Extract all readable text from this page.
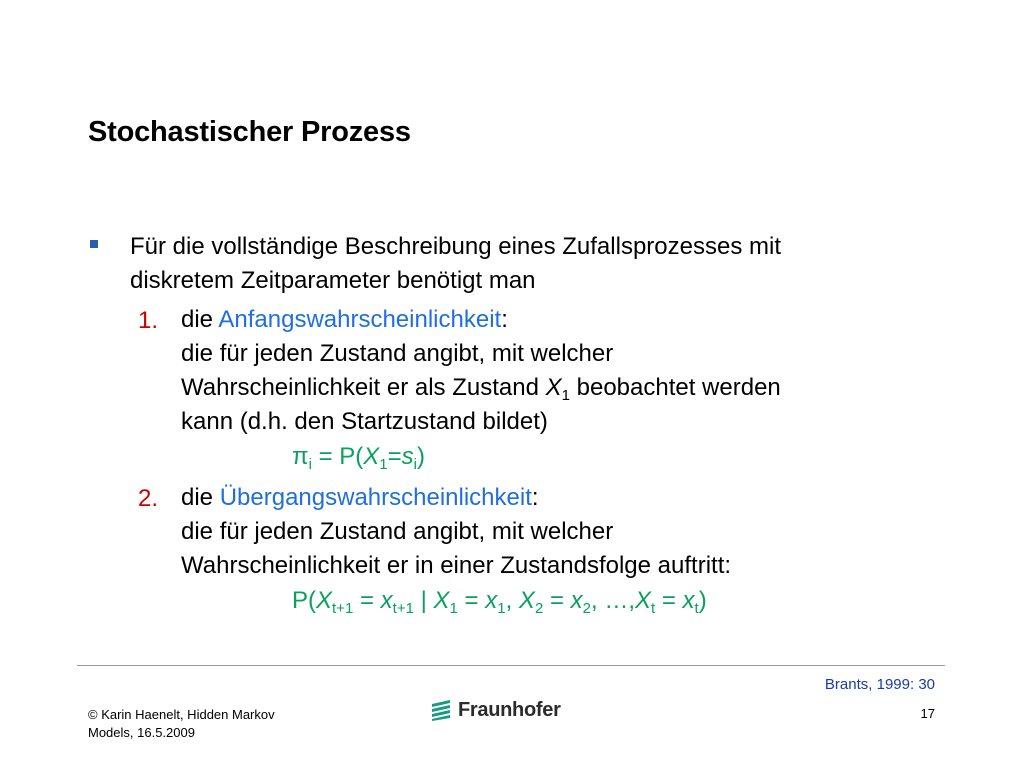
Stochastischer Prozess
Für die vollständige Beschreibung eines Zufallsprozesses mit
diskretem Zeitparameter benötigt man
1. die Anfangswahrscheinlichkeit:
die für jeden Zustand angibt, mit welcher
Wahrscheinlichkeit er als Zustand $X_1$ beobachtet werden
kann (d.h. den Startzustand bildet)
$\pi_i = P(X_1=s_i)$
2. die Übergangswahrscheinlichkeit:
die für jeden Zustand angibt, mit welcher
Wahrscheinlichkeit er in einer Zustandsfolge auftritt:
$P(X_{t+1} = x_{t+1}$ | $X_1 = x_1$, $X_2 = x_2$, $\dots,X_t = x_t$)
Brants, 1999: 30
© Karin Haenelt, Hidden Markov
Models, 16.5.2009
Fraunhofer	17
